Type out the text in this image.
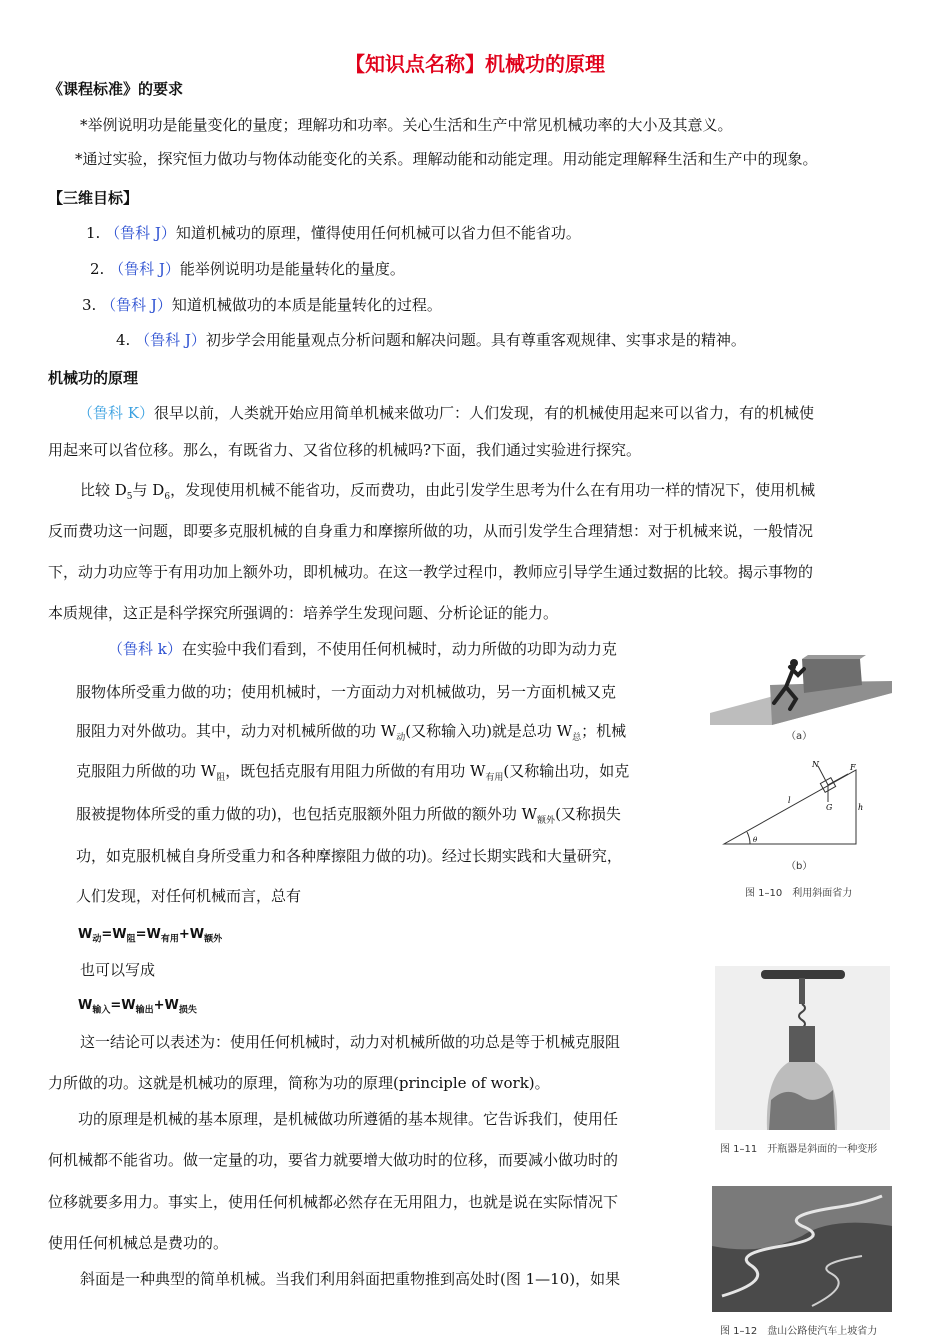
【知识点名称】机械功的原理
《课程标准》的要求
*举例说明功是能量变化的量度；理解功和功率。关心生活和生产中常见机械功率的大小及其意义。
*通过实验，探究恒力做功与物体动能变化的关系。理解动能和动能定理。用动能定理解释生活和生产中的现象。
【三维目标】
1. （鲁科 J）知道机械功的原理，懂得使用任何机械可以省力但不能省功。
2. （鲁科 J）能举例说明功是能量转化的量度。
3. （鲁科 J）知道机械做功的本质是能量转化的过程。
4. （鲁科 J）初步学会用能量观点分析问题和解决问题。具有尊重客观规律、实事求是的精神。
机械功的原理
（鲁科 K）很早以前，人类就开始应用简单机械来做功厂：人们发现，有的机械使用起来可以省力，有的机械使
用起来可以省位移。那么，有既省力、又省位移的机械吗?下面，我们通过实验进行探究。
比较 $D_5$与 $D_6$，发现使用机械不能省功，反而费功，由此引发学生思考为什么在有用功一样的情况下，使用机械
反而费功这一问题，即要多克服机械的自身重力和摩擦所做的功，从而引发学生合理猜想：对于机械来说，一般情况
下，动力功应等于有用功加上额外功，即机械功。在这一教学过程巾，教师应引导学生通过数据的比较。揭示事物的
本质规律，这正是科学探究所强调的：培养学生发现问题、分析论证的能力。
（鲁科 k）在实验中我们看到，不使用任何机械时，动力所做的功即为动力克
服物体所受重力做的功；使用机械时，一方面动力对机械做功，另一方面机械又克
服阻力对外做功。其中，动力对机械所做的功 $W_动$(又称输入功)就是总功 $W_总$；机械
克服阻力所做的功 $W_阻$，既包括克服有用阻力所做的有用功 $W_{有用}$(又称输出功，如克
服被提物体所受的重力做的功)，也包括克服额外阻力所做的额外功 $W_{额外}$(又称损失
功，如克服机械自身所受重力和各种摩擦阻力做的功)。经过长期实践和大量研究，
人们发现，对任何机械而言，总有
$W_动=W_阻=W_{有用}+W_{额外}$
也可以写成
$W_{输入}=W_{输出}+W_{损失}$
这一结论可以表述为：使用任何机械时，动力对机械所做的功总是等于机械克服阻
力所做的功。这就是机械功的原理，简称为功的原理(principle of work)。
功的原理是机械的基本原理，是机械做功所遵循的基本规律。它告诉我们，使用任
何机械都不能省功。做一定量的功，要省力就要增大做功时的位移，而要减小做功时的
位移就要多用力。事实上，使用任何机械都必然存在无用阻力，也就是说在实际情况下
使用任何机械总是费功的。
斜面是一种典型的简单机械。当我们利用斜面把重物推到高处时(图 1—10)，如果
（a）
N	F
G
l
h
θ
（b）
图 1–10　利用斜面省力
图 1–11　开瓶器是斜面的一种变形
图 1–12　盘山公路使汽车上坡省力
